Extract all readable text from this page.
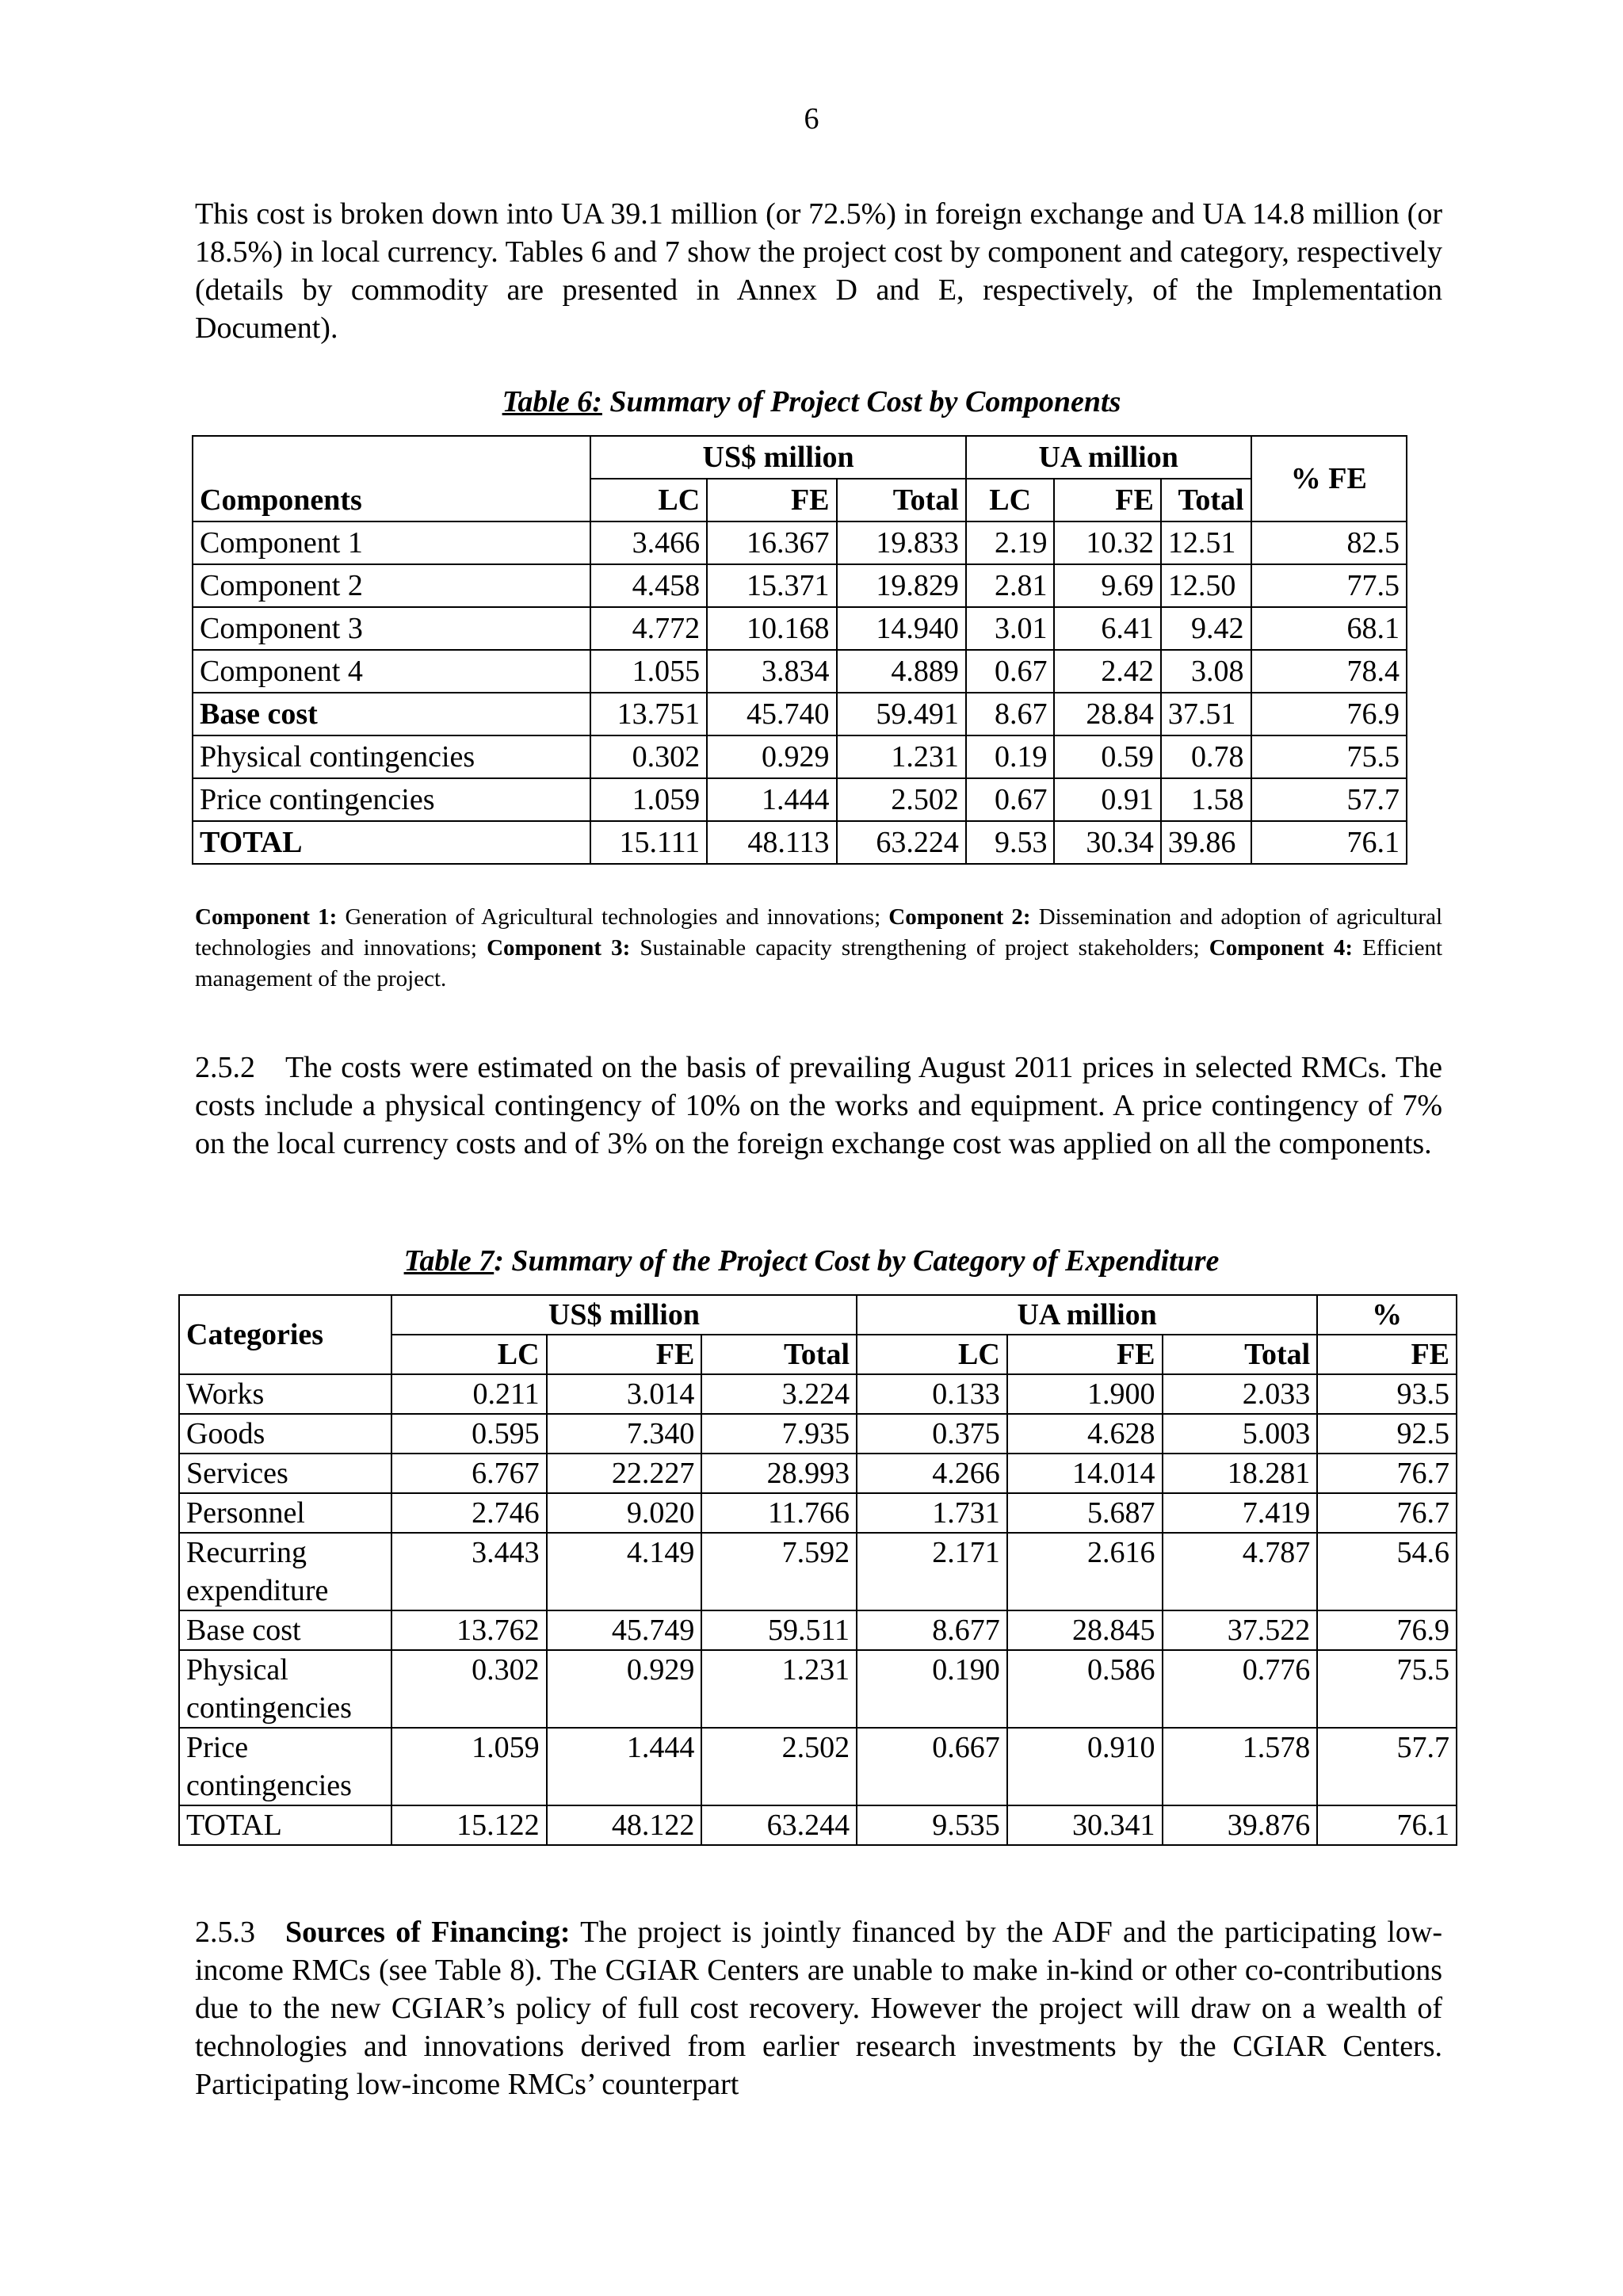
6

This cost is broken down into UA 39.1 million (or 72.5%) in foreign exchange and UA 14.8 million (or 18.5%) in local currency. Tables 6 and 7 show the project cost by component and category, respectively (details by commodity are presented in Annex D and E, respectively, of the Implementation Document).

Table 6: Summary of Project Cost by Components
	US$ million			UA million			% FE
Components	LC	FE	Total	LC	FE	Total	
Component 1	3.466	16.367	19.833	2.19	10.32	12.51	82.5
Component 2	4.458	15.371	19.829	2.81	9.69	12.50	77.5
Component 3	4.772	10.168	14.940	3.01	6.41	9.42	68.1
Component 4	1.055	3.834	4.889	0.67	2.42	3.08	78.4
Base cost	13.751	45.740	59.491	8.67	28.84	37.51	76.9
Physical contingencies	0.302	0.929	1.231	0.19	0.59	0.78	75.5
Price contingencies	1.059	1.444	2.502	0.67	0.91	1.58	57.7
TOTAL	15.111	48.113	63.224	9.53	30.34	39.86	76.1

Component 1: Generation of Agricultural technologies and innovations; Component 2: Dissemination and adoption of agricultural technologies and innovations; Component 3: Sustainable capacity strengthening of project stakeholders; Component 4: Efficient management of the project.

2.5.2 The costs were estimated on the basis of prevailing August 2011 prices in selected RMCs. The costs include a physical contingency of 10% on the works and equipment. A price contingency of 7% on the local currency costs and of 3% on the foreign exchange cost was applied on all the components.

Table 7: Summary of the Project Cost by Category of Expenditure
Categories	US$ million			UA million			%
	LC	FE	Total	LC	FE	Total	FE
Works	0.211	3.014	3.224	0.133	1.900	2.033	93.5
Goods	0.595	7.340	7.935	0.375	4.628	5.003	92.5
Services	6.767	22.227	28.993	4.266	14.014	18.281	76.7
Personnel	2.746	9.020	11.766	1.731	5.687	7.419	76.7
Recurring expenditure	3.443	4.149	7.592	2.171	2.616	4.787	54.6
Base cost	13.762	45.749	59.511	8.677	28.845	37.522	76.9
Physical contingencies	0.302	0.929	1.231	0.190	0.586	0.776	75.5
Price contingencies	1.059	1.444	2.502	0.667	0.910	1.578	57.7
TOTAL	15.122	48.122	63.244	9.535	30.341	39.876	76.1

2.5.3 Sources of Financing: The project is jointly financed by the ADF and the participating low-income RMCs (see Table 8). The CGIAR Centers are unable to make in-kind or other co-contributions due to the new CGIAR’s policy of full cost recovery. However the project will draw on a wealth of technologies and innovations derived from earlier research investments by the CGIAR Centers. Participating low-income RMCs’ counterpart
